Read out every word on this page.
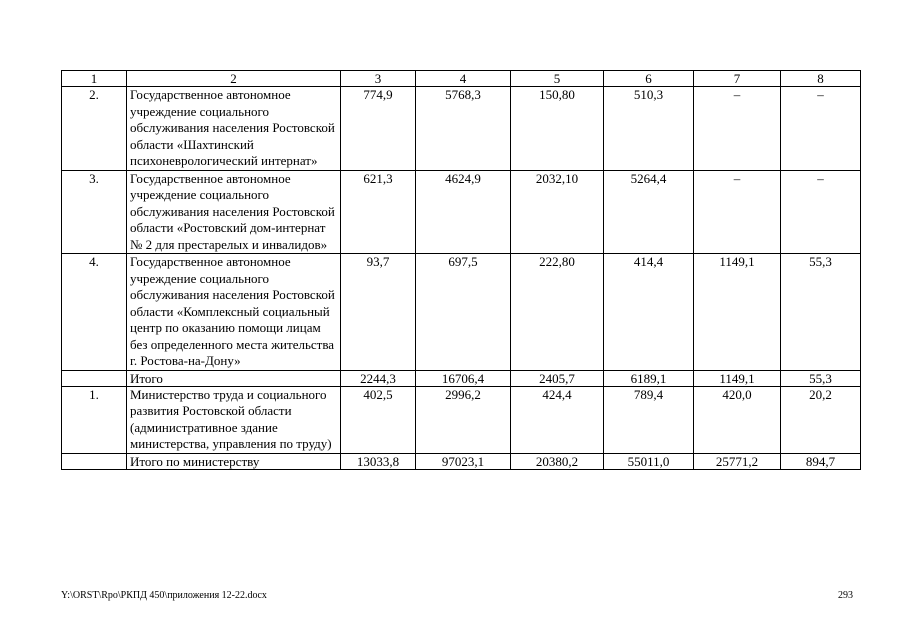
1	2	3	4	5	6	7	8
2.	Государственное автономное учреждение социального обслуживания населения Ростовской области «Шахтинский психоневрологический интернат»	774,9	5768,3	150,80	510,3	–	–
3.	Государственное автономное учреждение социального обслуживания населения Ростовской области «Ростовский дом-интернат № 2 для престарелых и инвалидов»	621,3	4624,9	2032,10	5264,4	–	–
4.	Государственное автономное учреждение социального обслуживания населения Ростовской области «Комплексный социальный центр по оказанию помощи лицам без определенного места жительства г. Ростова-на-Дону»	93,7	697,5	222,80	414,4	1149,1	55,3
	Итого	2244,3	16706,4	2405,7	6189,1	1149,1	55,3
1.	Министерство труда и социального развития Ростовской области (административное здание министерства, управления по труду)	402,5	2996,2	424,4	789,4	420,0	20,2
	Итого по министерству	13033,8	97023,1	20380,2	55011,0	25771,2	894,7
Y:\ORST\Rpo\РКПД 450\приложения 12-22.docx	293
